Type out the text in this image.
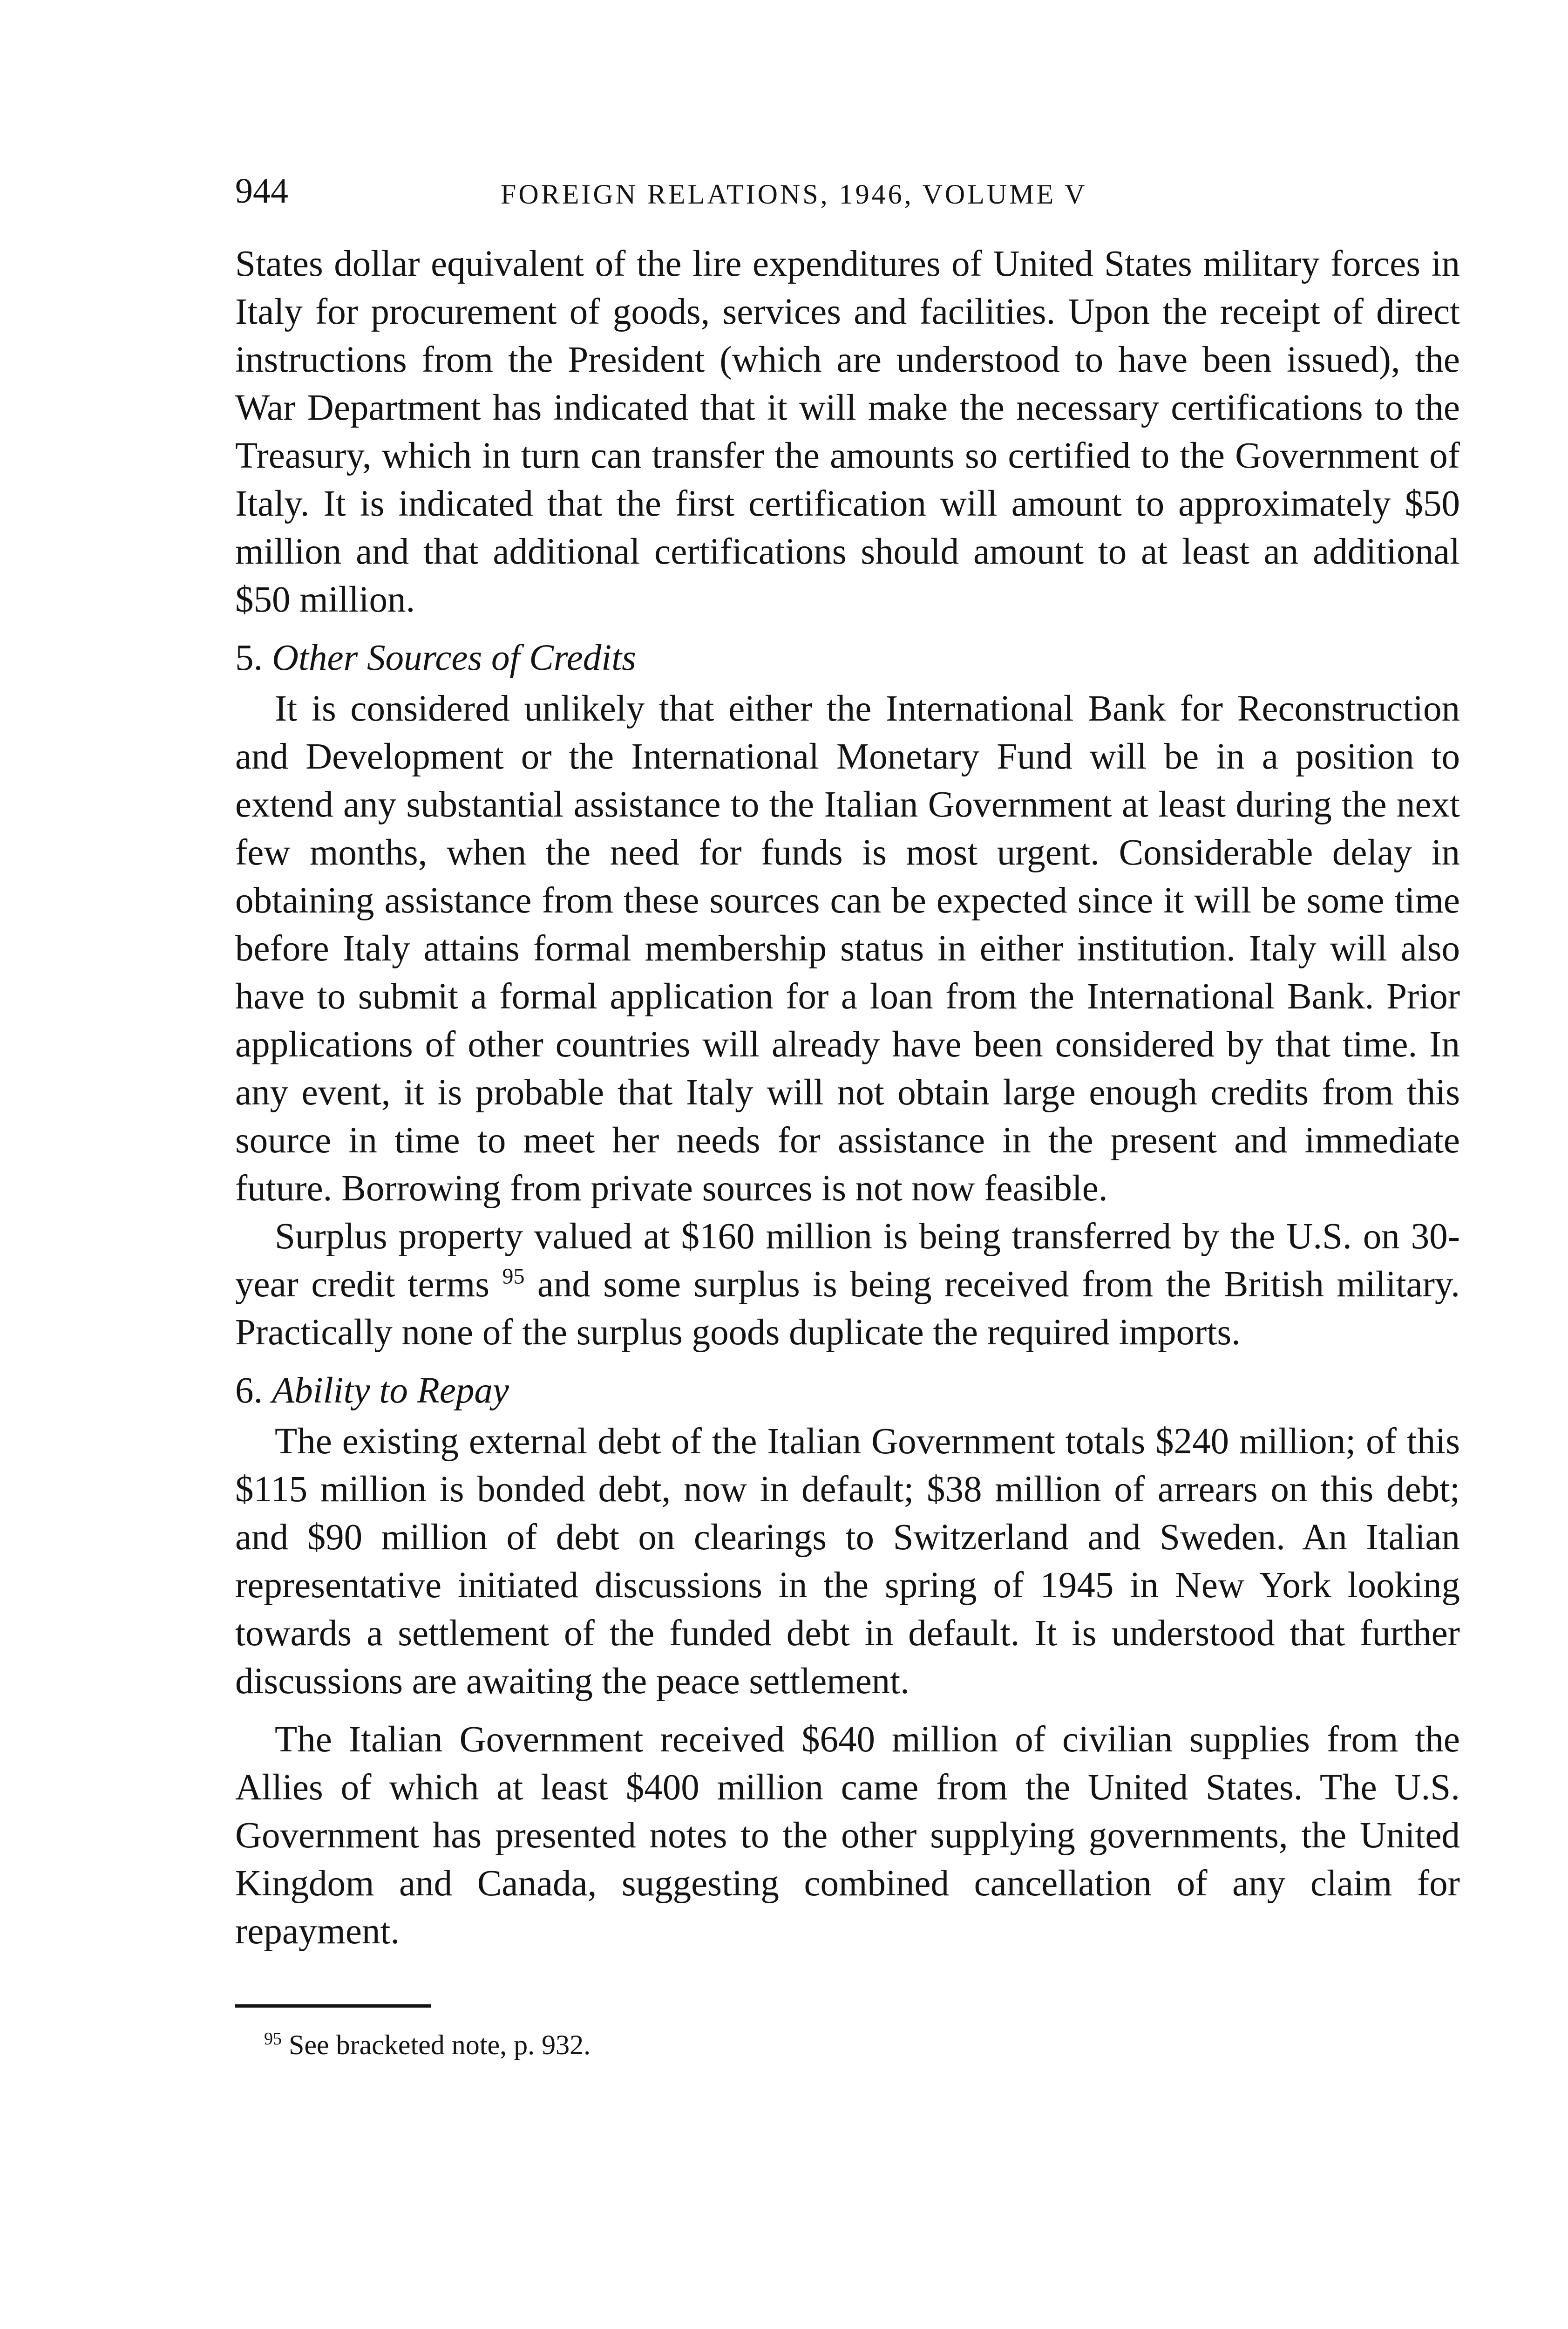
944	FOREIGN RELATIONS, 1946, VOLUME V

States dollar equivalent of the lire expenditures of United States military forces in Italy for procurement of goods, services and facilities. Upon the receipt of direct instructions from the President (which are understood to have been issued), the War Department has indicated that it will make the necessary certifications to the Treasury, which in turn can transfer the amounts so certified to the Government of Italy. It is indicated that the first certification will amount to approximately $50 million and that additional certifications should amount to at least an additional $50 million.

5. Other Sources of Credits

It is considered unlikely that either the International Bank for Reconstruction and Development or the International Monetary Fund will be in a position to extend any substantial assistance to the Italian Government at least during the next few months, when the need for funds is most urgent. Considerable delay in obtaining assistance from these sources can be expected since it will be some time before Italy attains formal membership status in either institution. Italy will also have to submit a formal application for a loan from the International Bank. Prior applications of other countries will already have been considered by that time. In any event, it is probable that Italy will not obtain large enough credits from this source in time to meet her needs for assistance in the present and immediate future. Borrowing from private sources is not now feasible.

Surplus property valued at $160 million is being transferred by the U.S. on 30-year credit terms $^{95}$ and some surplus is being received from the British military. Practically none of the surplus goods duplicate the required imports.

6. Ability to Repay

The existing external debt of the Italian Government totals $240 million; of this $115 million is bonded debt, now in default; $38 million of arrears on this debt; and $90 million of debt on clearings to Switzerland and Sweden. An Italian representative initiated discussions in the spring of 1945 in New York looking towards a settlement of the funded debt in default. It is understood that further discussions are awaiting the peace settlement.

The Italian Government received $640 million of civilian supplies from the Allies of which at least $400 million came from the United States. The U.S. Government has presented notes to the other supplying governments, the United Kingdom and Canada, suggesting combined cancellation of any claim for repayment.

$^{95}$ See bracketed note, p. 932.
